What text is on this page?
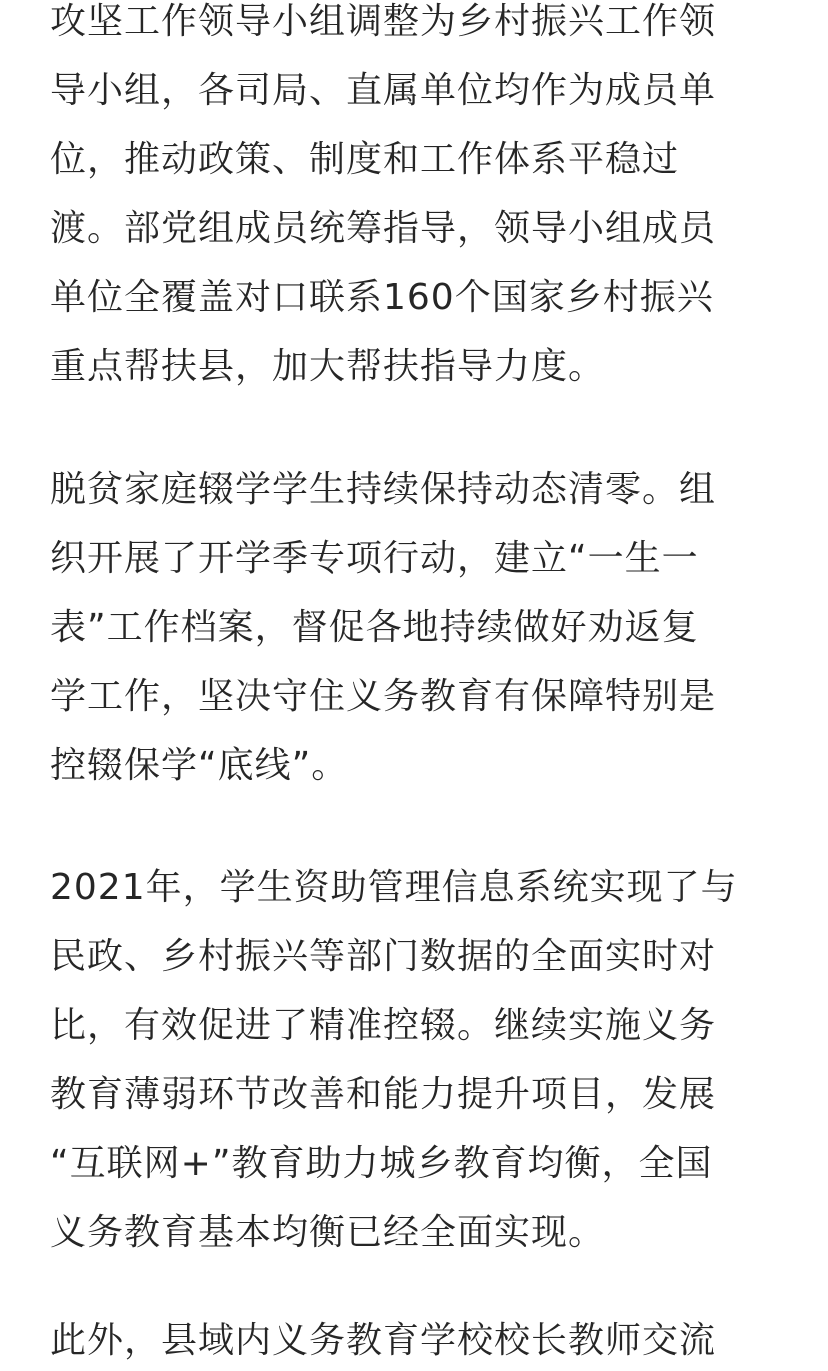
攻坚工作领导小组调整为乡村振兴工作领
导小组，各司局、直属单位均作为成员单
位，推动政策、制度和工作体系平稳过
渡。部党组成员统筹指导，领导小组成员
单位全覆盖对口联系160个国家乡村振兴
重点帮扶县，加大帮扶指导力度。

脱贫家庭辍学学生持续保持动态清零。组
织开展了开学季专项行动，建立“一生一
表”工作档案，督促各地持续做好劝返复
学工作，坚决守住义务教育有保障特别是
控辍保学“底线”。

2021年，学生资助管理信息系统实现了与
民政、乡村振兴等部门数据的全面实时对
比，有效促进了精准控辍。继续实施义务
教育薄弱环节改善和能力提升项目，发展
“互联网+”教育助力城乡教育均衡，全国
义务教育基本均衡已经全面实现。

此外，县域内义务教育学校校长教师交流
